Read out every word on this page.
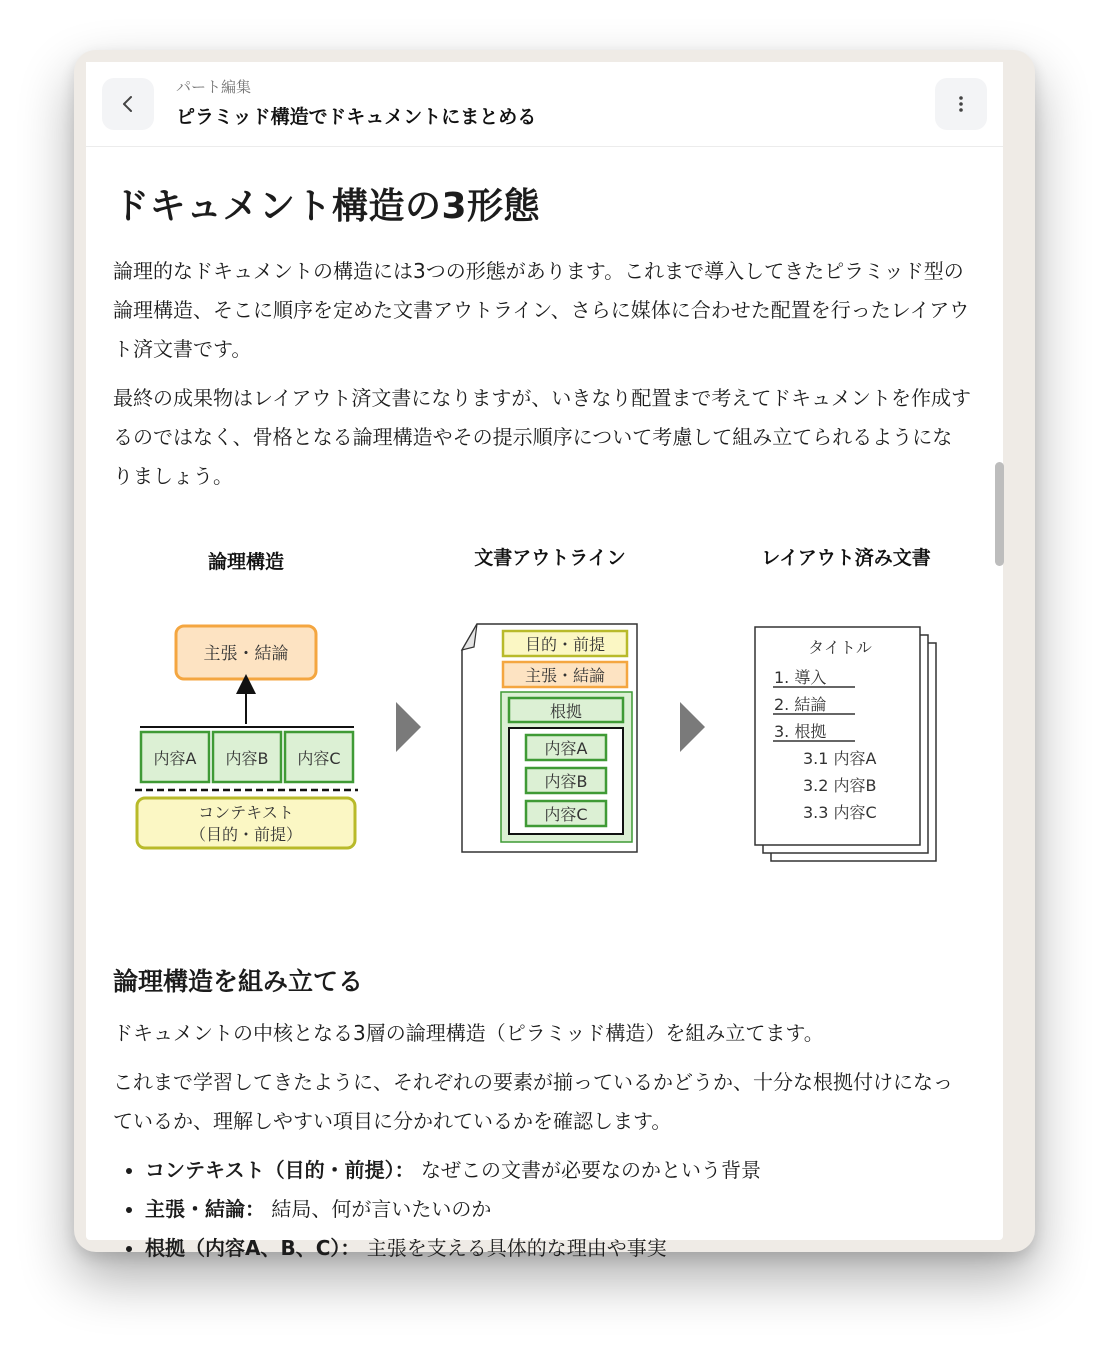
パート編集
ピラミッド構造でドキュメントにまとめる
ドキュメント構造の3形態

論理的なドキュメントの構造には3つの形態があります。これまで導入してきたピラミッド型の論理構造、そこに順序を定めた文書アウトライン、さらに媒体に合わせた配置を行ったレイアウト済文書です。

最終の成果物はレイアウト済文書になりますが、いきなり配置まで考えてドキュメントを作成するのではなく、骨格となる論理構造やその提示順序について考慮して組み立てられるようになりましょう。

論理構造	文書アウトライン	レイアウト済み文書
主張・結論
内容A 内容B 内容C
コンテキスト
（目的・前提）
目的・前提
主張・結論
根拠
内容A
内容B
内容C
タイトル
1. 導入
2. 結論
3. 根拠
3.1 内容A
3.2 内容B
3.3 内容C
論理構造を組み立てる

ドキュメントの中核となる3層の論理構造（ピラミッド構造）を組み立てます。

これまで学習してきたように、それぞれの要素が揃っているかどうか、十分な根拠付けになっているか、理解しやすい項目に分かれているかを確認します。

• コンテキスト（目的・前提）： なぜこの文書が必要なのかという背景
• 主張・結論： 結局、何が言いたいのか
• 根拠（内容A、B、C）： 主張を支える具体的な理由や事実
